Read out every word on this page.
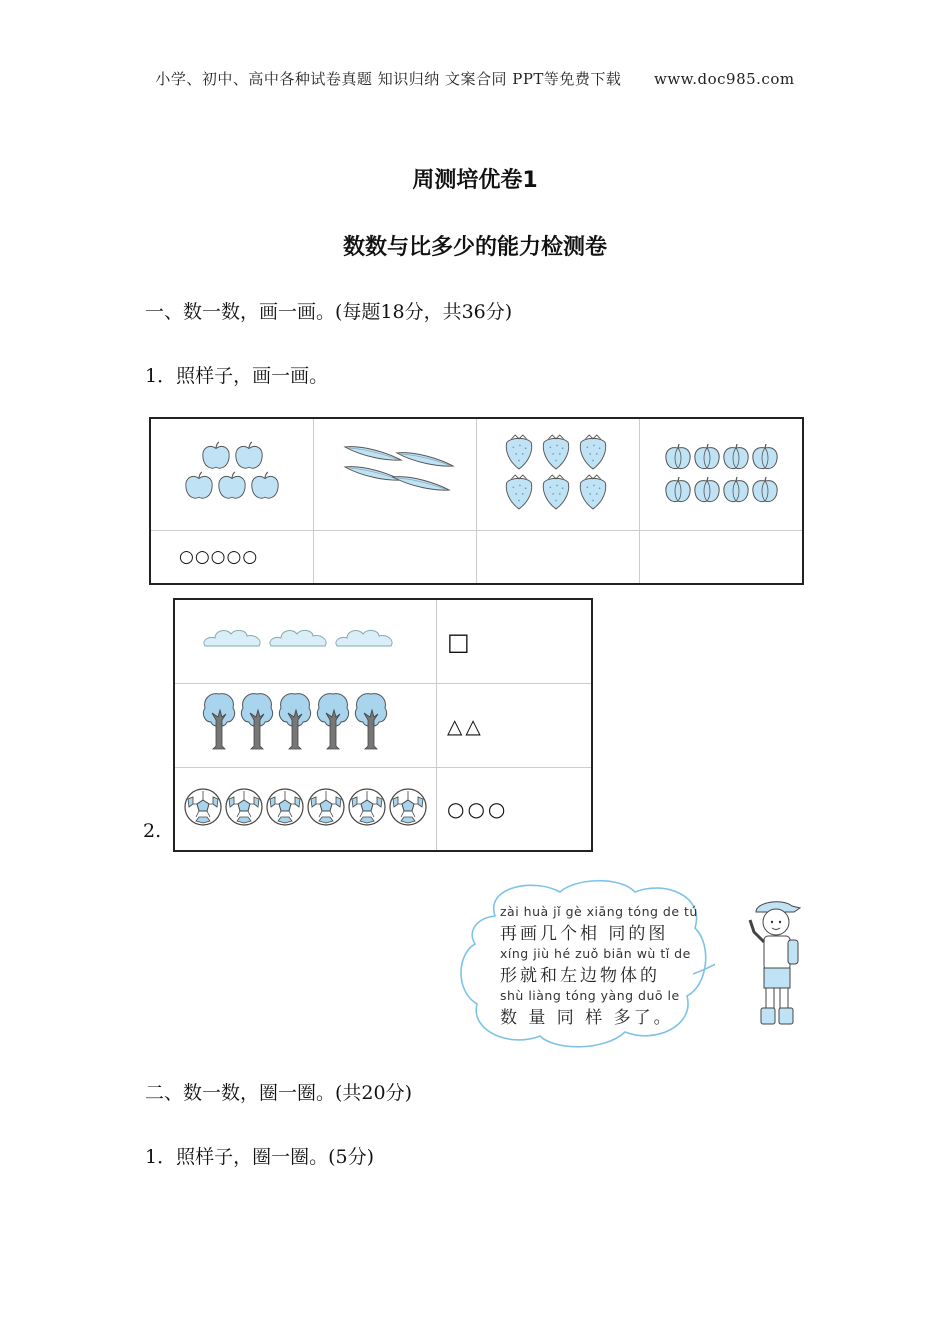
小学、初中、高中各种试卷真题 知识归纳 文案合同 PPT等免费下载 www.doc985.com
周测培优卷1
数数与比多少的能力检测卷
一、数一数，画一画。(每题18分，共36分)
1．照样子，画一画。

○○○○○			

2.

□

△△

○○○
zài huà jǐ gè xiāng tóng de tú
再画几个相 同的图
xíng jiù hé zuǒ biān wù tǐ de
形就和左边物体的
shù liàng tóng yàng duō le
数 量 同 样 多了。
二、数一数，圈一圈。(共20分)
1．照样子，圈一圈。(5分)
